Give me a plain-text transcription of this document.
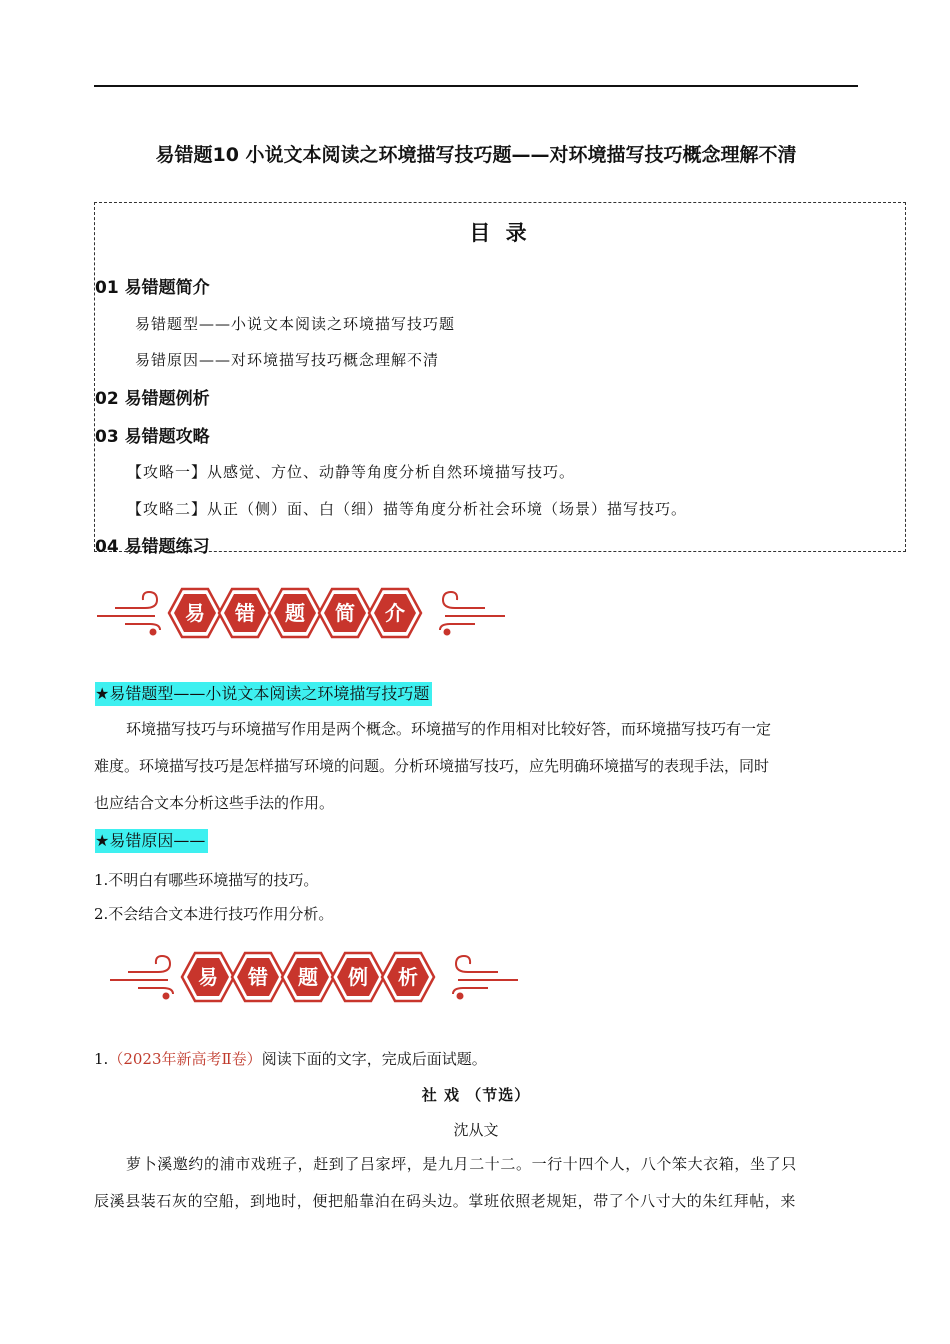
易错题10 小说文本阅读之环境描写技巧题——对环境描写技巧概念理解不清
目 录
01 易错题简介
易错题型——小说文本阅读之环境描写技巧题
易错原因——对环境描写技巧概念理解不清
02 易错题例析
03 易错题攻略
【攻略一】从感觉、方位、动静等角度分析自然环境描写技巧。
【攻略二】从正（侧）面、白（细）描等角度分析社会环境（场景）描写技巧。
04 易错题练习
易 错 题 简 介
★易错题型——小说文本阅读之环境描写技巧题
环境描写技巧与环境描写作用是两个概念。环境描写的作用相对比较好答，而环境描写技巧有一定
难度。环境描写技巧是怎样描写环境的问题。分析环境描写技巧，应先明确环境描写的表现手法，同时
也应结合文本分析这些手法的作用。
★易错原因——
1.不明白有哪些环境描写的技巧。
2.不会结合文本进行技巧作用分析。
易 错 题 例 析
1.（2023年新高考Ⅱ卷）阅读下面的文字，完成后面试题。
社 戏 （节选）
沈从文
萝卜溪邀约的浦市戏班子，赶到了吕家坪，是九月二十二。一行十四个人，八个笨大衣箱，坐了只
辰溪县装石灰的空船，到地时，便把船靠泊在码头边。掌班依照老规矩，带了个八寸大的朱红拜帖，来
